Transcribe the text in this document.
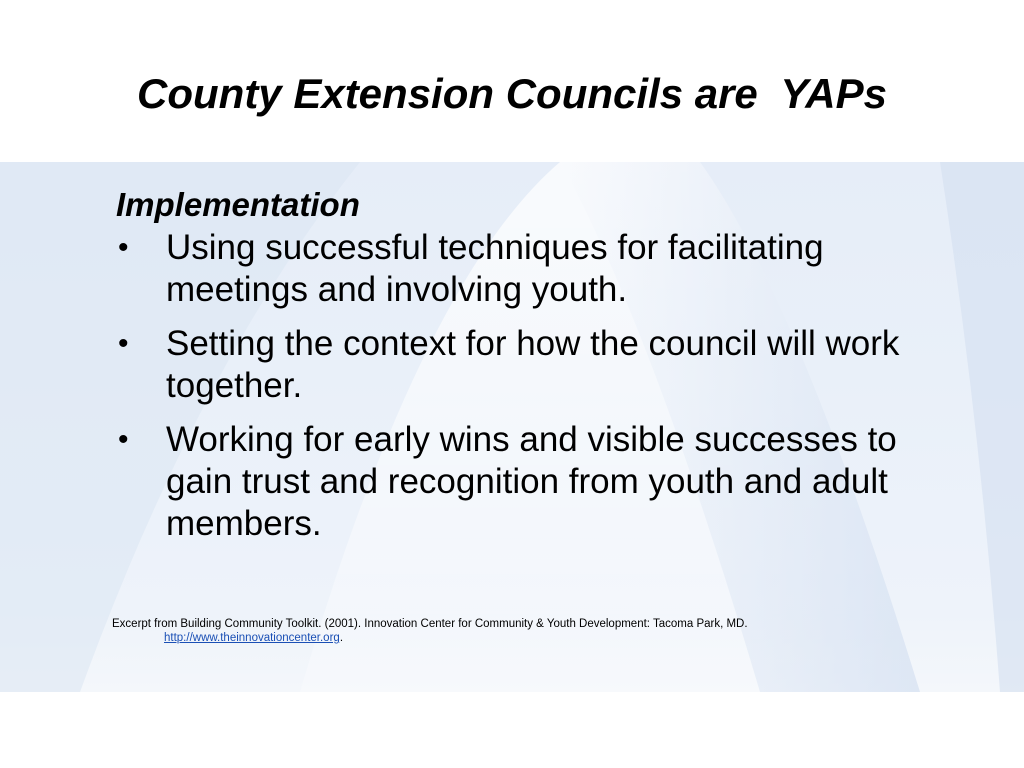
County Extension Councils are  YAPs

Implementation

• Using successful techniques for facilitating meetings and involving youth.
• Setting the context for how the council will work together.
• Working for early wins and visible successes to gain trust and recognition from youth and adult members.
Excerpt from Building Community Toolkit. (2001). Innovation Center for Community & Youth Development: Tacoma Park, MD.
http://www.theinnovationcenter.org.
